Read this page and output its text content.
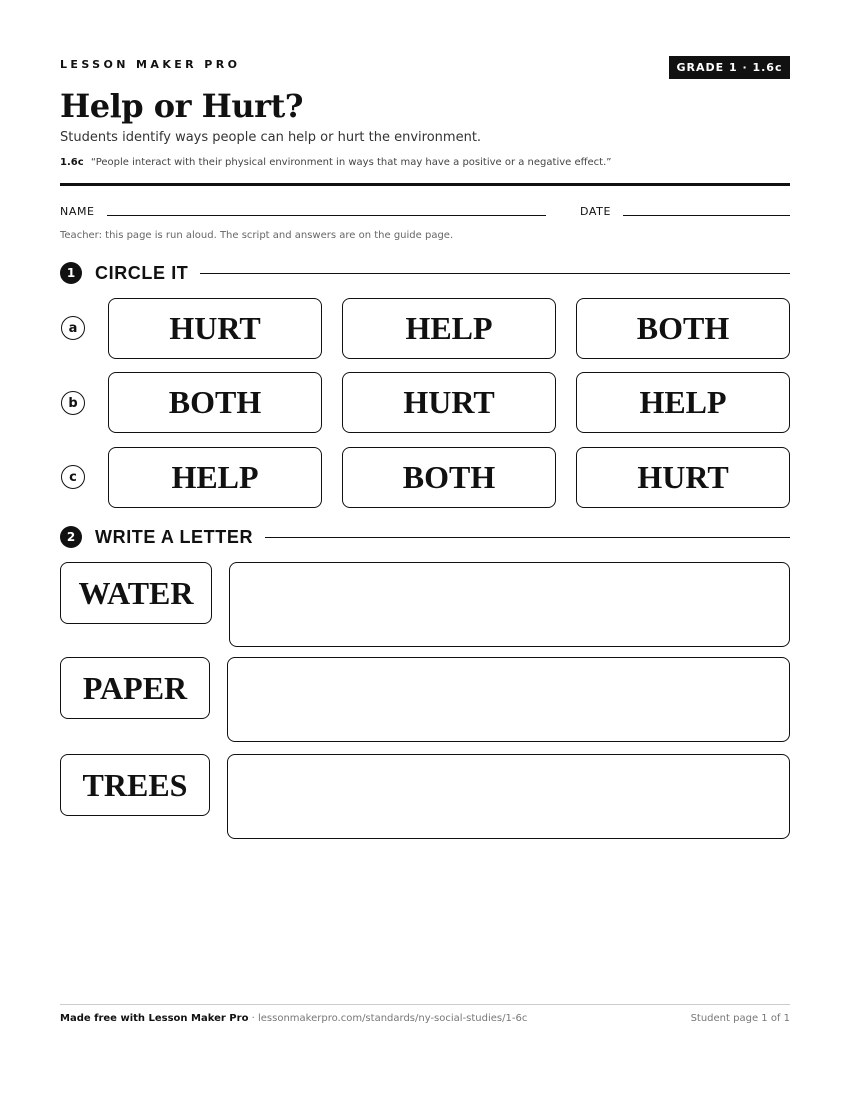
LESSON MAKER PRO	GRADE 1 · 1.6c
Help or Hurt?
Students identify ways people can help or hurt the environment.
1.6c “People interact with their physical environment in ways that may have a positive or a negative effect.”
NAME	DATE
Teacher: this page is run aloud. The script and answers are on the guide page.
1	CIRCLE IT
a	HURT	HELP	BOTH
b	BOTH	HURT	HELP
c	HELP	BOTH	HURT
2	WRITE A LETTER
WATER
PAPER
TREES
Made free with Lesson Maker Pro · lessonmakerpro.com/standards/ny-social-studies/1-6c	Student page 1 of 1
